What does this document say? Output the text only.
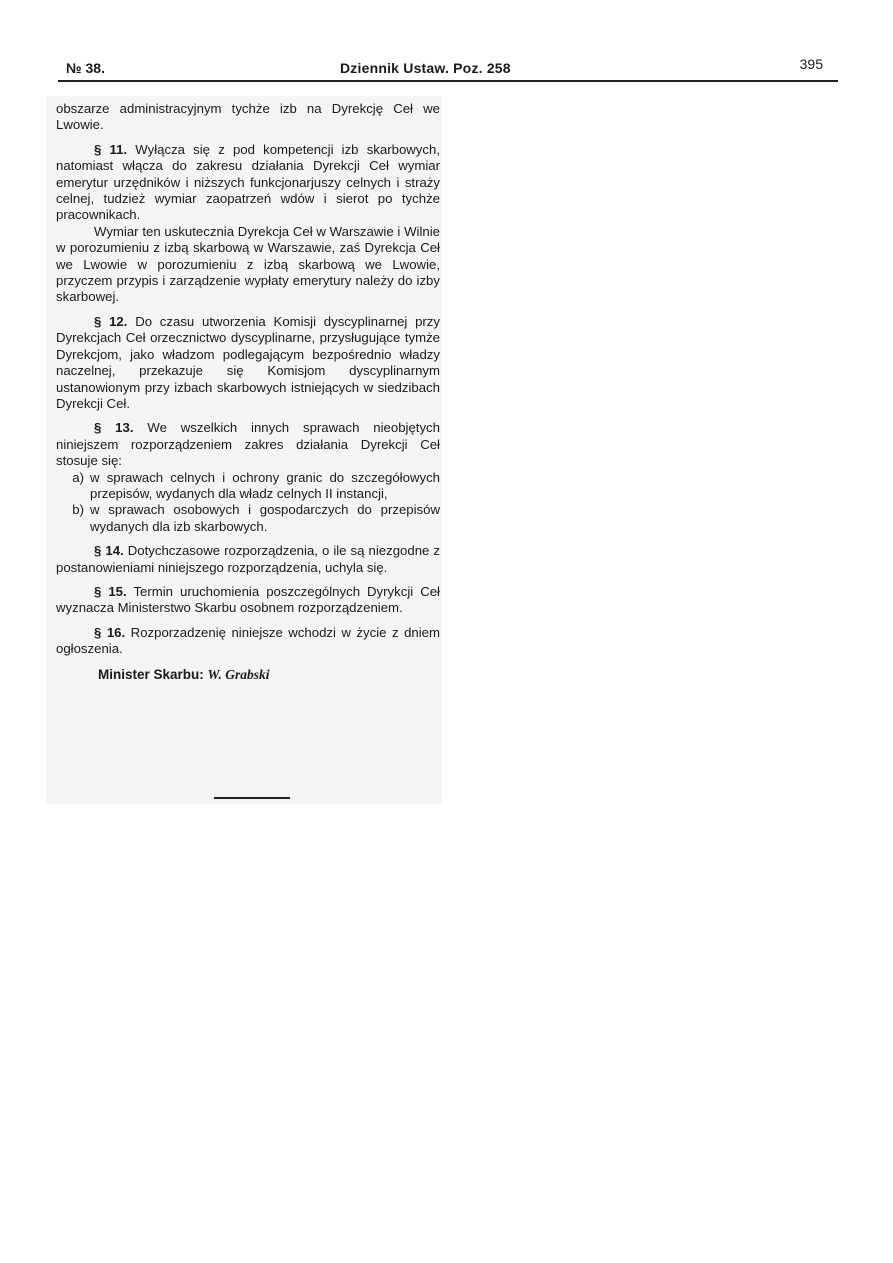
№ 38.	Dziennik Ustaw. Poz. 258	395

obszarze administracyjnym tychże izb na Dyrekcję Ceł we Lwowie.

§ 11. Wyłącza się z pod kompetencji izb skarbowych, natomiast włącza do zakresu działania Dyrekcji Ceł wymiar emerytur urzędników i niższych funkcjonarjuszy celnych i straży celnej, tudzież wymiar zaopatrzeń wdów i sierot po tychże pracownikach.

Wymiar ten uskutecznia Dyrekcja Ceł w Warszawie i Wilnie w porozumieniu z izbą skarbową w Warszawie, zaś Dyrekcja Ceł we Lwowie w porozumieniu z izbą skarbową we Lwowie, przyczem przypis i zarządzenie wypłaty emerytury należy do izby skarbowej.

§ 12. Do czasu utworzenia Komisji dyscyplinarnej przy Dyrekcjach Ceł orzecznictwo dyscyplinarne, przysługujące tymże Dyrekcjom, jako władzom podlegającym bezpośrednio władzy naczelnej, przekazuje się Komisjom dyscyplinarnym ustanowionym przy izbach skarbowych istniejących w siedzibach Dyrekcji Ceł.

§ 13. We wszelkich innych sprawach nieobjętych niniejszem rozporządzeniem zakres działania Dyrekcji Ceł stosuje się:

a) w sprawach celnych i ochrony granic do szczegółowych przepisów, wydanych dla władz celnych II instancji,
b) w sprawach osobowych i gospodarczych do przepisów wydanych dla izb skarbowych.

§ 14. Dotychczasowe rozporządzenia, o ile są niezgodne z postanowieniami niniejszego rozporządzenia, uchyla się.

§ 15. Termin uruchomienia poszczególnych Dyrykcji Ceł wyznacza Ministerstwo Skarbu osobnem rozporządzeniem.

§ 16. Rozporzadzenię niniejsze wchodzi w życie z dniem ogłoszenia.

Minister Skarbu: W. Grabski
